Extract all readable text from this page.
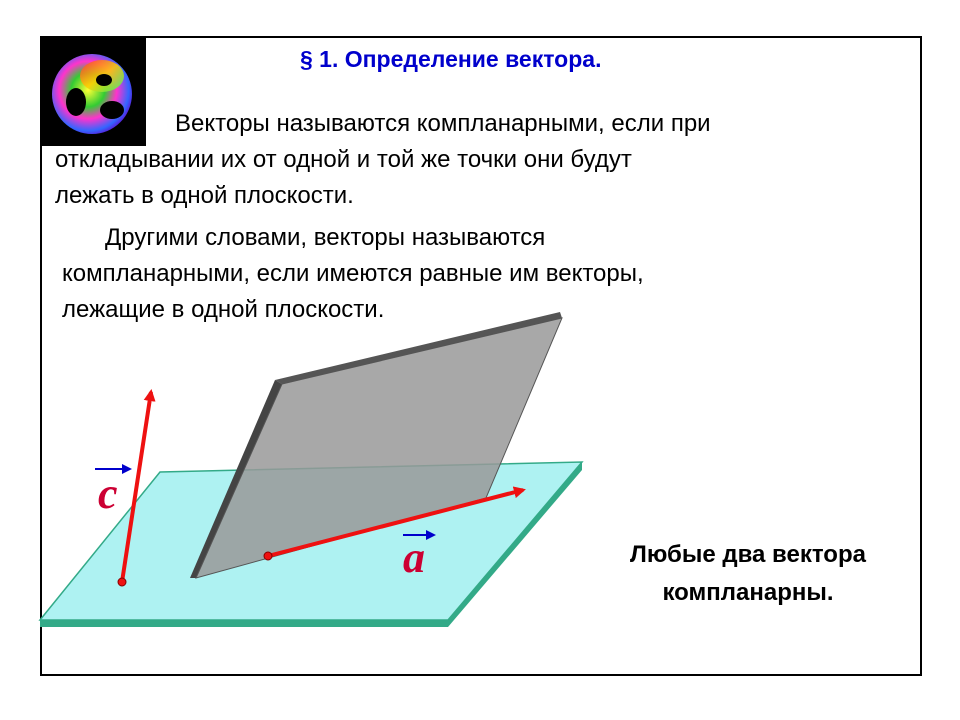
§ 1. Определение вектора.
Векторы называются компланарными, если при
откладывании их от одной и той же точки они будут
лежать в одной плоскости.
Другими словами, векторы называются
компланарными, если имеются равные им векторы,
лежащие в одной плоскости.
c
a	Любые два вектора
компланарны.
